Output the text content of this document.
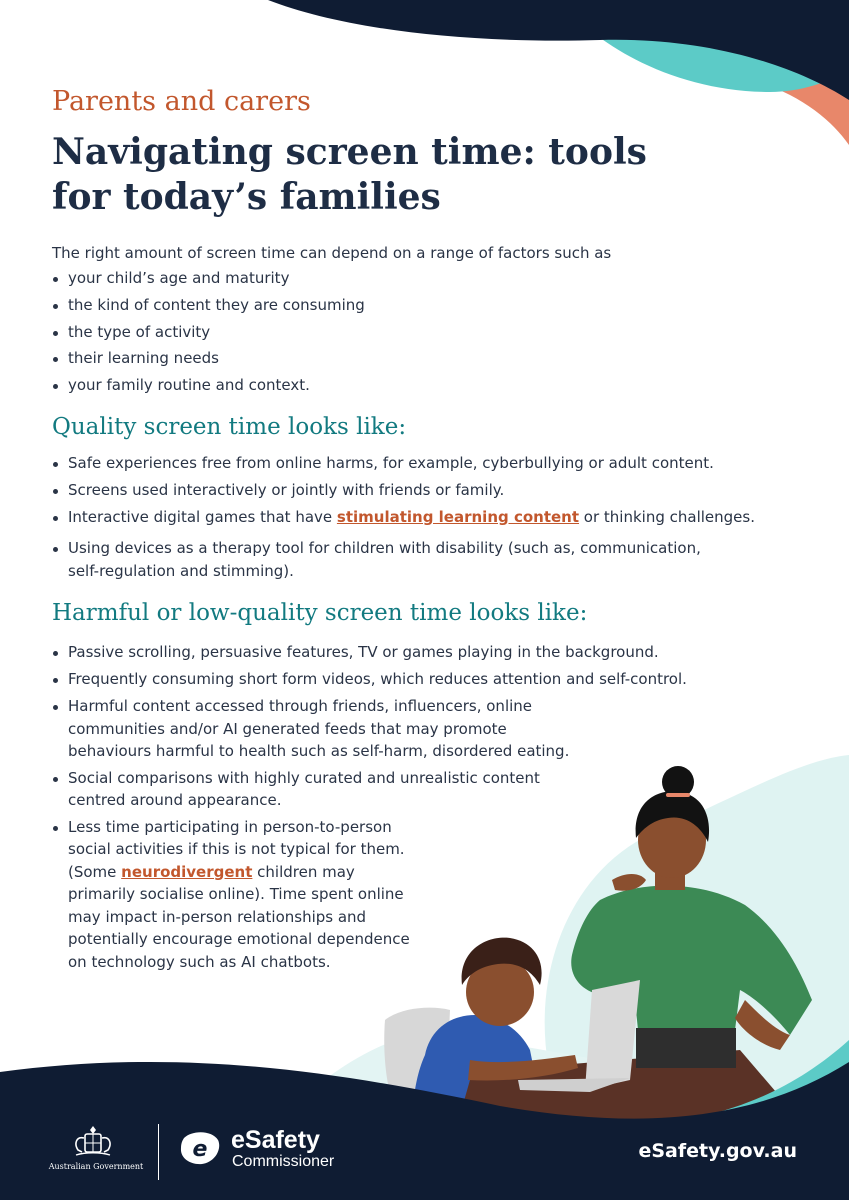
Parents and carers
Navigating screen time: tools for today’s families

The right amount of screen time can depend on a range of factors such as

your child’s age and maturity
the kind of content they are consuming
the type of activity
their learning needs
your family routine and context.
Quality screen time looks like:
Safe experiences free from online harms, for example, cyberbullying or adult content.
Screens used interactively or jointly with friends or family.
Interactive digital games that have stimulating learning content or thinking challenges.
Using devices as a therapy tool for children with disability (such as, communication, self-regulation and stimming).
Harmful or low-quality screen time looks like:
Passive scrolling, persuasive features, TV or games playing in the background.
Frequently consuming short form videos, which reduces attention and self-control.
Harmful content accessed through friends, influencers, online communities and/or AI generated feeds that may promote behaviours harmful to health such as self-harm, disordered eating.
Social comparisons with highly curated and unrealistic content centred around appearance.
Less time participating in person-to-person social activities if this is not typical for them. (Some neurodivergent children may primarily socialise online). Time spent online may impact in-person relationships and potentially encourage emotional dependence on technology such as AI chatbots.
Australian Government
e eSafety
Commissioner	eSafety.gov.au
